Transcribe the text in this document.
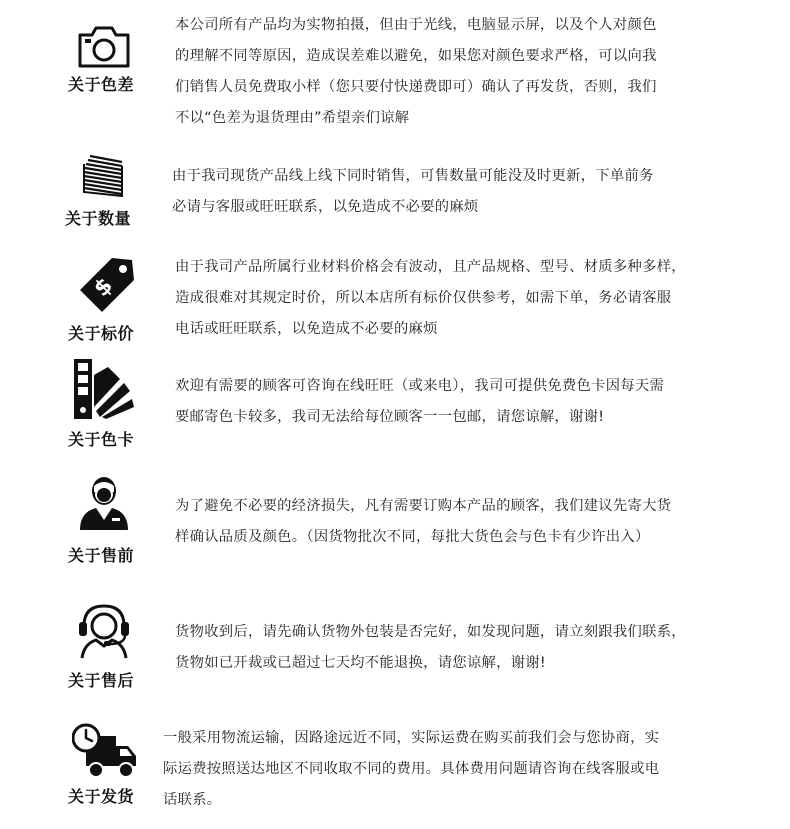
关于色差
本公司所有产品均为实物拍摄，但由于光线，电脑显示屏，以及个人对颜色
的理解不同等原因，造成误差难以避免，如果您对颜色要求严格，可以向我
们销售人员免费取小样（您只要付快递费即可）确认了再发货，否则，我们
不以“色差为退货理由”希望亲们谅解
关于数量
由于我司现货产品线上线下同时销售，可售数量可能没及时更新，下单前务
必请与客服或旺旺联系，以免造成不必要的麻烦
$
关于标价
由于我司产品所属行业材料价格会有波动，且产品规格、型号、材质多种多样，
造成很难对其规定时价，所以本店所有标价仅供参考，如需下单，务必请客服
电话或旺旺联系，以免造成不必要的麻烦
关于色卡
欢迎有需要的顾客可咨询在线旺旺（或来电），我司可提供免费色卡因每天需
要邮寄色卡较多，我司无法给每位顾客一一包邮，请您谅解，谢谢!
关于售前
为了避免不必要的经济损失，凡有需要订购本产品的顾客，我们建议先寄大货
样确认品质及颜色。（因货物批次不同，每批大货色会与色卡有少许出入）
关于售后
货物收到后，请先确认货物外包装是否完好，如发现问题，请立刻跟我们联系，
货物如已开裁或已超过七天均不能退换，请您谅解，谢谢!
关于发货
一般采用物流运输，因路途远近不同，实际运费在购买前我们会与您协商，实
际运费按照送达地区不同收取不同的费用。具体费用问题请咨询在线客服或电
话联系。
